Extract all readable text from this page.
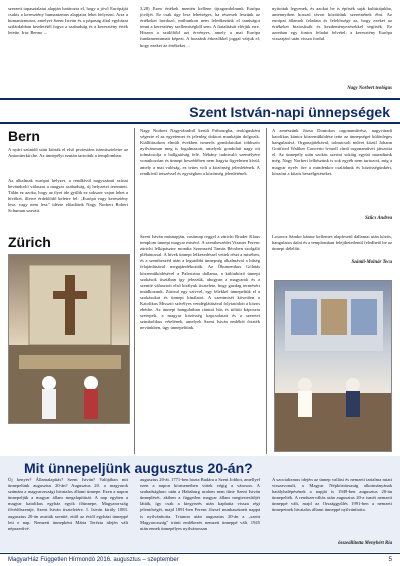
szerzett tapasztalatai alapján határozta el, hogy a jövő Európáját csakis a keresztény humanizmus alapjaira lehet helyezni. Arra a humanizmusra, amelyet Szent István és a pápaság által egyházat szilárdabban kezdetétől fogva a szabadság és a keresztény érték letette. Irta: Benno ...
3,28) Ezen értékek mentén kellene újragondolnunk Európa jövőjét. Ez csak úgy lesz lehetséges, ha részesek leszünk az értékeket hordozó, múltunkon nem feledkezünk el tanúságot tenni a keresztény szellemiségből sem. A fiatalítását elérjük erre. Hiszen a szülőföld azt érvényes, amely a mai Európa fundamentumait képezi. A hozzánk érkezőkkel joggal várjuk el, hogy ezeket az értékeket ...
nyitottak legyenek, és azokat be is építsék saját kultúrájukba, amennyiben hosszú távon közöttünk szeretnének élni. Az európai államok feladata és felelőssége az, hogy ezeket az értékeket biztosítsák és kezdeményezésekkel segítsék. Ez azonban egy fontos feladat felvétel: a keresztény Európa visszajáró után vissza fordul.
Nagy Norbert teológus
Szent István-napi ünnepségek
Bern
A nyári szünidő után kiírták el első protestáns istentiszteletre az Antoniterkirche. Az ünnepélyt ezután tartottuk a templomban.
Az alkalmak európai helyzet, a rendkívül nagyszámú szíriai bevándorló válaszai a magyar szabadság, új helyzetet teremtett. Tálán ez azoka, hogy az ilyet ide gyűlik ez sokszor vajon lehet a hívőket, illetve érdeklődő keletre fel: „Európa vagy keresztény lesz, vagy nem lesz” idézte előadóink Nagy Norbert Robert Schuman szavait.
Nagy Norbert Nagyváradról került Fribourgba, teológusként végezte el az egyetemet és jelenleg doktori munkáján dolgozik. Kiállításokon elmúlt években ismerős gondolatokat többször nyilvánosan meg is fogalmazott, amelyek gondolati nagy ott tolmácsolja a hallgatóság felé. Néhány tudnivaló személyére vonatkozóan és ünnepi beszédében nem hagyta figyelmen kívül, amely a mai valóság, ez tettes volt a közönség jelenlétének. A rendkívül tetszéssel és egységben a közönség jelenlétének.
A zenészünk Józsa Domokos orgonaművész, nagyváradi katolikus kántor közreműködése tette az ünnepséget különleges hangulatúvá. Orgonajátékával, tolmácsolt művei közül Johann Gottfried Walther Concerto h-moll című orgonaművét játszotta el. Az ünnepély után szokás szerint sokáig együtt maradtunk még. Nagy Norbert lelkészünk is sok egyéb nem tartozott, míg a magyar nyelv őre a mindenkor családunk és közösségünkért, köszönt a közös beszélgetéseket.
Szűcs Andrea
Zürich	Szent István másnapján, vasárnap reggel a zürichi Bruder Klaus templom ünnepi magyar misévé. A szentbeszédet Vizauer Ferenc zürichi lelkipásztor mondta Szomszéd Tamás Bécsben szolgáló plébánossal. A hívek ünnepi lelkesedéssel vettek részt a misében, és a szentbeszéd után a legutóbbi ünnepség alkalmával a hűség felajánlásával megajándékozták. Az Ökumenikus Gólatás közreműködésével a Palestrina dallama, a különböző ünnepi szokások tisztában így jelezzük, ahogyan a magyarok és a szentté választott első királyuk tisztelete, hogy gazdag termésért imádkozunk. Zürisul egy szívvel, egy lélekkel ünnepeltük el a szokásokat és ünnepi kínálatot. A szentmisét követően a Katolikus Misszió szívélyes vendéglátásával folytatódott a közös ebédre. Az ünnepi hangulatban rántott hús és töltött káposzta szerepelt, a magyar közösség kapcsolatait és a szeretet szimbolikus vételének, amelyek Szent István emlékét őrizték nevünkben, úgy ünnepeltünk.
Losoncz Sándor kántor kellemes alapfesetű dallamai után közös, hangulatos dalai és a templomban felejthetetlenül feledhető be az ünnepi délelőtt.
Számli-Molnár Tecu
Mit ünnepeljünk augusztus 20-án?
Új kenyér? Államalapítás? Szent István? Valójában mit ünnepelünk augusztus 20-án? Augusztus 20. a magyarok számára a magyarországi hivatalos állami ünnepe. Ezen a napon ünnepeljük a magyar állam megalapítását. A nap egyben a magyar katolikus egyház egyik főünnepe, Magyarország fővédőszentje, Szent István tiszteletére. I. István király 1083. augusztus 20-án avatták szentté, ettől az évtől egyházi ünneppé lett e nap. Nemzeti ünnepként Mária Terézia idején vált népszerűvé.
augusztus 20-át. 1771-ben hozta Budára a Szent Jobbot, amellyel ezen a napon körmenetben vittek végig a városon. A szabadságharc után a Habsburg uralom nem tűrte Szent István ünneplését, akiben a független magyar állam megtestesítőjét látták, így csak a kiegyezés után kaphatta vissza régi jelentőségét, majd 1891-ben Ferenc József munkaszüneti nappá is nyilvánította. Trianon után augusztus 20-án a „szent Magyarország” iránti emlékezés nemzeti ünneppé vált. 1945 után ennek ünnepélyes nyilvánossan
A szocializmus idején az ünnep vallási és nemzeti tartalma miatt visszavonult, a Magyar Népköztársaság alkotmányának hatálybalépésének a napját is 1949-ben augusztus 20-án ünnepelték. A rendszerváltás után augusztus 20-a ismét nemzeti ünneppé vált, majd az Országgyűlés 1991-ben a nemzeti ünnepeinek hivatalos állami ünneppé nyilvánította.
összeállította Menyhért Ria
MagyarHáz Független Hírmondó 2016. augusztus – szeptember	5
